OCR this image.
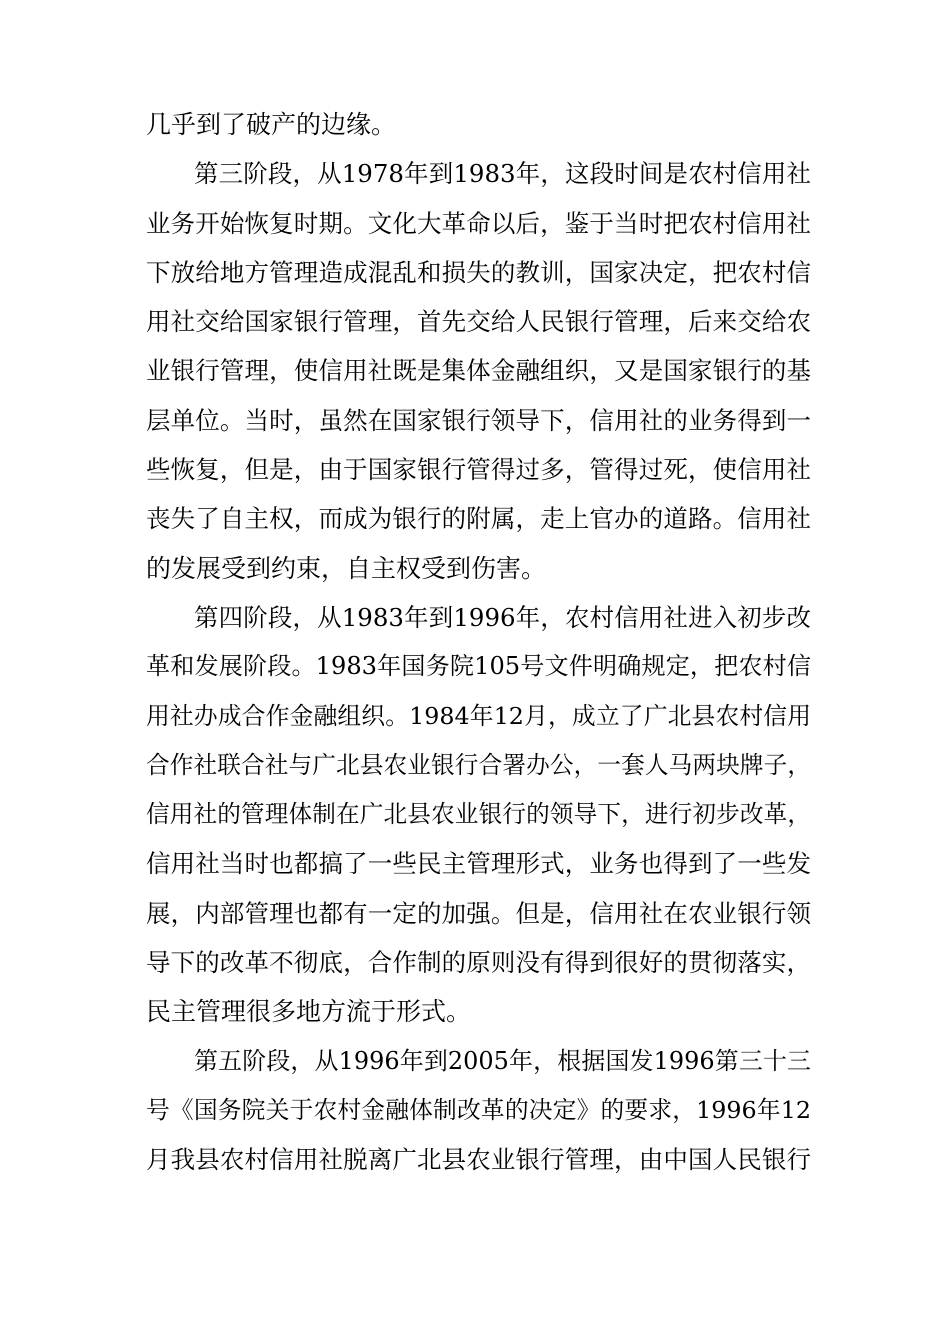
几乎到了破产的边缘。
第三阶段，从1978年到1983年，这段时间是农村信用社
业务开始恢复时期。文化大革命以后，鉴于当时把农村信用社
下放给地方管理造成混乱和损失的教训，国家决定，把农村信
用社交给国家银行管理，首先交给人民银行管理，后来交给农
业银行管理，使信用社既是集体金融组织，又是国家银行的基
层单位。当时，虽然在国家银行领导下，信用社的业务得到一
些恢复，但是，由于国家银行管得过多，管得过死，使信用社
丧失了自主权，而成为银行的附属，走上官办的道路。信用社
的发展受到约束，自主权受到伤害。
第四阶段，从1983年到1996年，农村信用社进入初步改
革和发展阶段。1983年国务院105号文件明确规定，把农村信
用社办成合作金融组织。1984年12月，成立了广北县农村信用
合作社联合社与广北县农业银行合署办公，一套人马两块牌子，
信用社的管理体制在广北县农业银行的领导下，进行初步改革，
信用社当时也都搞了一些民主管理形式，业务也得到了一些发
展，内部管理也都有一定的加强。但是，信用社在农业银行领
导下的改革不彻底，合作制的原则没有得到很好的贯彻落实，
民主管理很多地方流于形式。
第五阶段，从1996年到2005年，根据国发1996第三十三
号《国务院关于农村金融体制改革的决定》的要求，1996年12
月我县农村信用社脱离广北县农业银行管理，由中国人民银行
